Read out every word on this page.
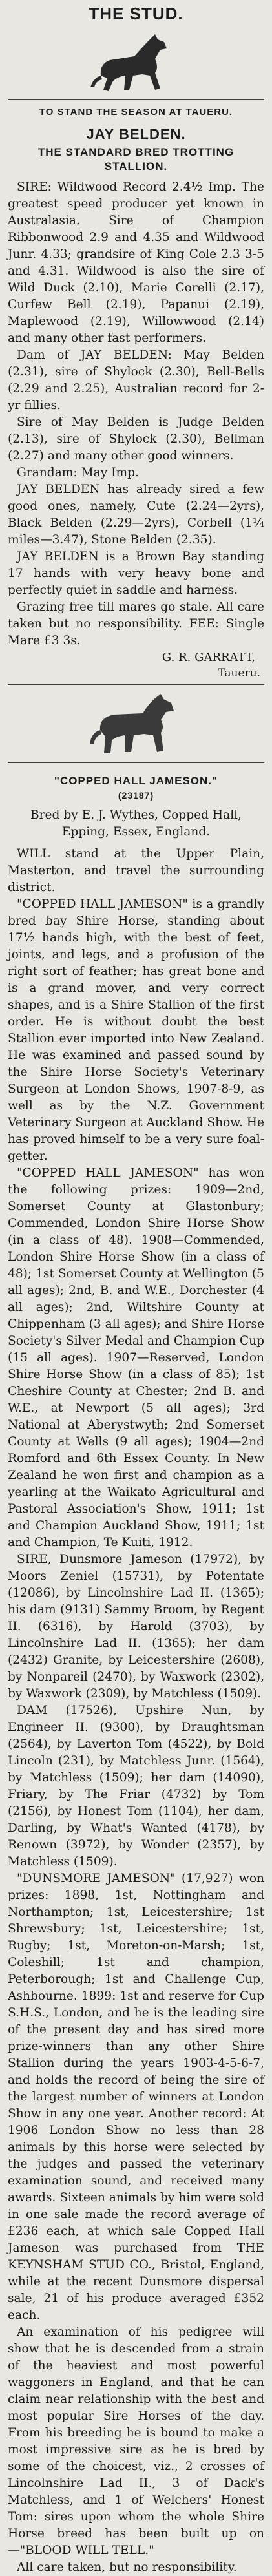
THE STUD.
TO STAND THE SEASON AT TAUERU.
JAY BELDEN.
THE STANDARD BRED TROTTING STALLION.

SIRE: Wildwood Record 2.4½ Imp. The greatest speed producer yet known in Australasia. Sire of Champion Ribbonwood 2.9 and 4.35 and Wildwood Junr. 4.33; grandsire of King Cole 2.3 3-5 and 4.31. Wildwood is also the sire of Wild Duck (2.10), Marie Corelli (2.17), Curfew Bell (2.19), Papanui (2.19), Maplewood (2.19), Willowwood (2.14) and many other fast performers.

Dam of JAY BELDEN: May Belden (2.31), sire of Shylock (2.30), Bell-Bells (2.29 and 2.25), Australian record for 2-yr fillies.

Sire of May Belden is Judge Belden (2.13), sire of Shylock (2.30), Bellman (2.27) and many other good winners.

Grandam: May Imp.

JAY BELDEN has already sired a few good ones, namely, Cute (2.24—2yrs), Black Belden (2.29—2yrs), Corbell (1¼ miles—3.47), Stone Belden (2.35).

JAY BELDEN is a Brown Bay standing 17 hands with very heavy bone and perfectly quiet in saddle and harness.

Grazing free till mares go stale. All care taken but no responsibility. FEE: Single Mare £3 3s.

G. R. GARRATT,
Taueru.
"COPPED HALL JAMESON."
(23187)

Bred by E. J. Wythes, Copped Hall, Epping, Essex, England.

WILL stand at the Upper Plain, Masterton, and travel the surrounding district.

"COPPED HALL JAMESON" is a grandly bred bay Shire Horse, standing about 17½ hands high, with the best of feet, joints, and legs, and a profusion of the right sort of feather; has great bone and is a grand mover, and very correct shapes, and is a Shire Stallion of the first order. He is without doubt the best Stallion ever imported into New Zealand. He was examined and passed sound by the Shire Horse Society's Veterinary Surgeon at London Shows, 1907-8-9, as well as by the N.Z. Government Veterinary Surgeon at Auckland Show. He has proved himself to be a very sure foal-getter.

"COPPED HALL JAMESON" has won the following prizes: 1909—2nd, Somerset County at Glastonbury; Commended, London Shire Horse Show (in a class of 48). 1908—Commended, London Shire Horse Show (in a class of 48); 1st Somerset County at Wellington (5 all ages); 2nd, B. and W.E., Dorchester (4 all ages); 2nd, Wiltshire County at Chippenham (3 all ages); and Shire Horse Society's Silver Medal and Champion Cup (15 all ages). 1907—Reserved, London Shire Horse Show (in a class of 85); 1st Cheshire County at Chester; 2nd B. and W.E., at Newport (5 all ages); 3rd National at Aberystwyth; 2nd Somerset County at Wells (9 all ages); 1904—2nd Romford and 6th Essex County. In New Zealand he won first and champion as a yearling at the Waikato Agricultural and Pastoral Association's Show, 1911; 1st and Champion Auckland Show, 1911; 1st and Champion, Te Kuiti, 1912.

SIRE, Dunsmore Jameson (17972), by Moors Zeniel (15731), by Potentate (12086), by Lincolnshire Lad II. (1365); his dam (9131) Sammy Broom, by Regent II. (6316), by Harold (3703), by Lincolnshire Lad II. (1365); her dam (2432) Granite, by Leicestershire (2608), by Nonpareil (2470), by Waxwork (2302), by Waxwork (2309), by Matchless (1509).

DAM (17526), Upshire Nun, by Engineer II. (9300), by Draughtsman (2564), by Laverton Tom (4522), by Bold Lincoln (231), by Matchless Junr. (1564), by Matchless (1509); her dam (14090), Friary, by The Friar (4732) by Tom (2156), by Honest Tom (1104), her dam, Darling, by What's Wanted (4178), by Renown (3972), by Wonder (2357), by Matchless (1509).

"DUNSMORE JAMESON" (17,927) won prizes: 1898, 1st, Nottingham and Northampton; 1st, Leicestershire; 1st Shrewsbury; 1st, Leicestershire; 1st, Rugby; 1st, Moreton-on-Marsh; 1st, Coleshill; 1st and champion, Peterborough; 1st and Challenge Cup, Ashbourne. 1899: 1st and reserve for Cup S.H.S., London, and he is the leading sire of the present day and has sired more prize-winners than any other Shire Stallion during the years 1903-4-5-6-7, and holds the record of being the sire of the largest number of winners at London Show in any one year. Another record: At 1906 London Show no less than 28 animals by this horse were selected by the judges and passed the veterinary examination sound, and received many awards. Sixteen animals by him were sold in one sale made the record average of £236 each, at which sale Copped Hall Jameson was purchased from THE KEYNSHAM STUD CO., Bristol, England, while at the recent Dunsmore dispersal sale, 21 of his produce averaged £352 each.

An examination of his pedigree will show that he is descended from a strain of the heaviest and most powerful waggoners in England, and that he can claim near relationship with the best and most popular Sire Horses of the day. From his breeding he is bound to make a most impressive sire as he is bred by some of the choicest, viz., 2 crosses of Lincolnshire Lad II., 3 of Dack's Matchless, and 1 of Welchers' Honest Tom: sires upon whom the whole Shire Horse breed has been built up on—"BLOOD WILL TELL."

All care taken, but no responsibility.
